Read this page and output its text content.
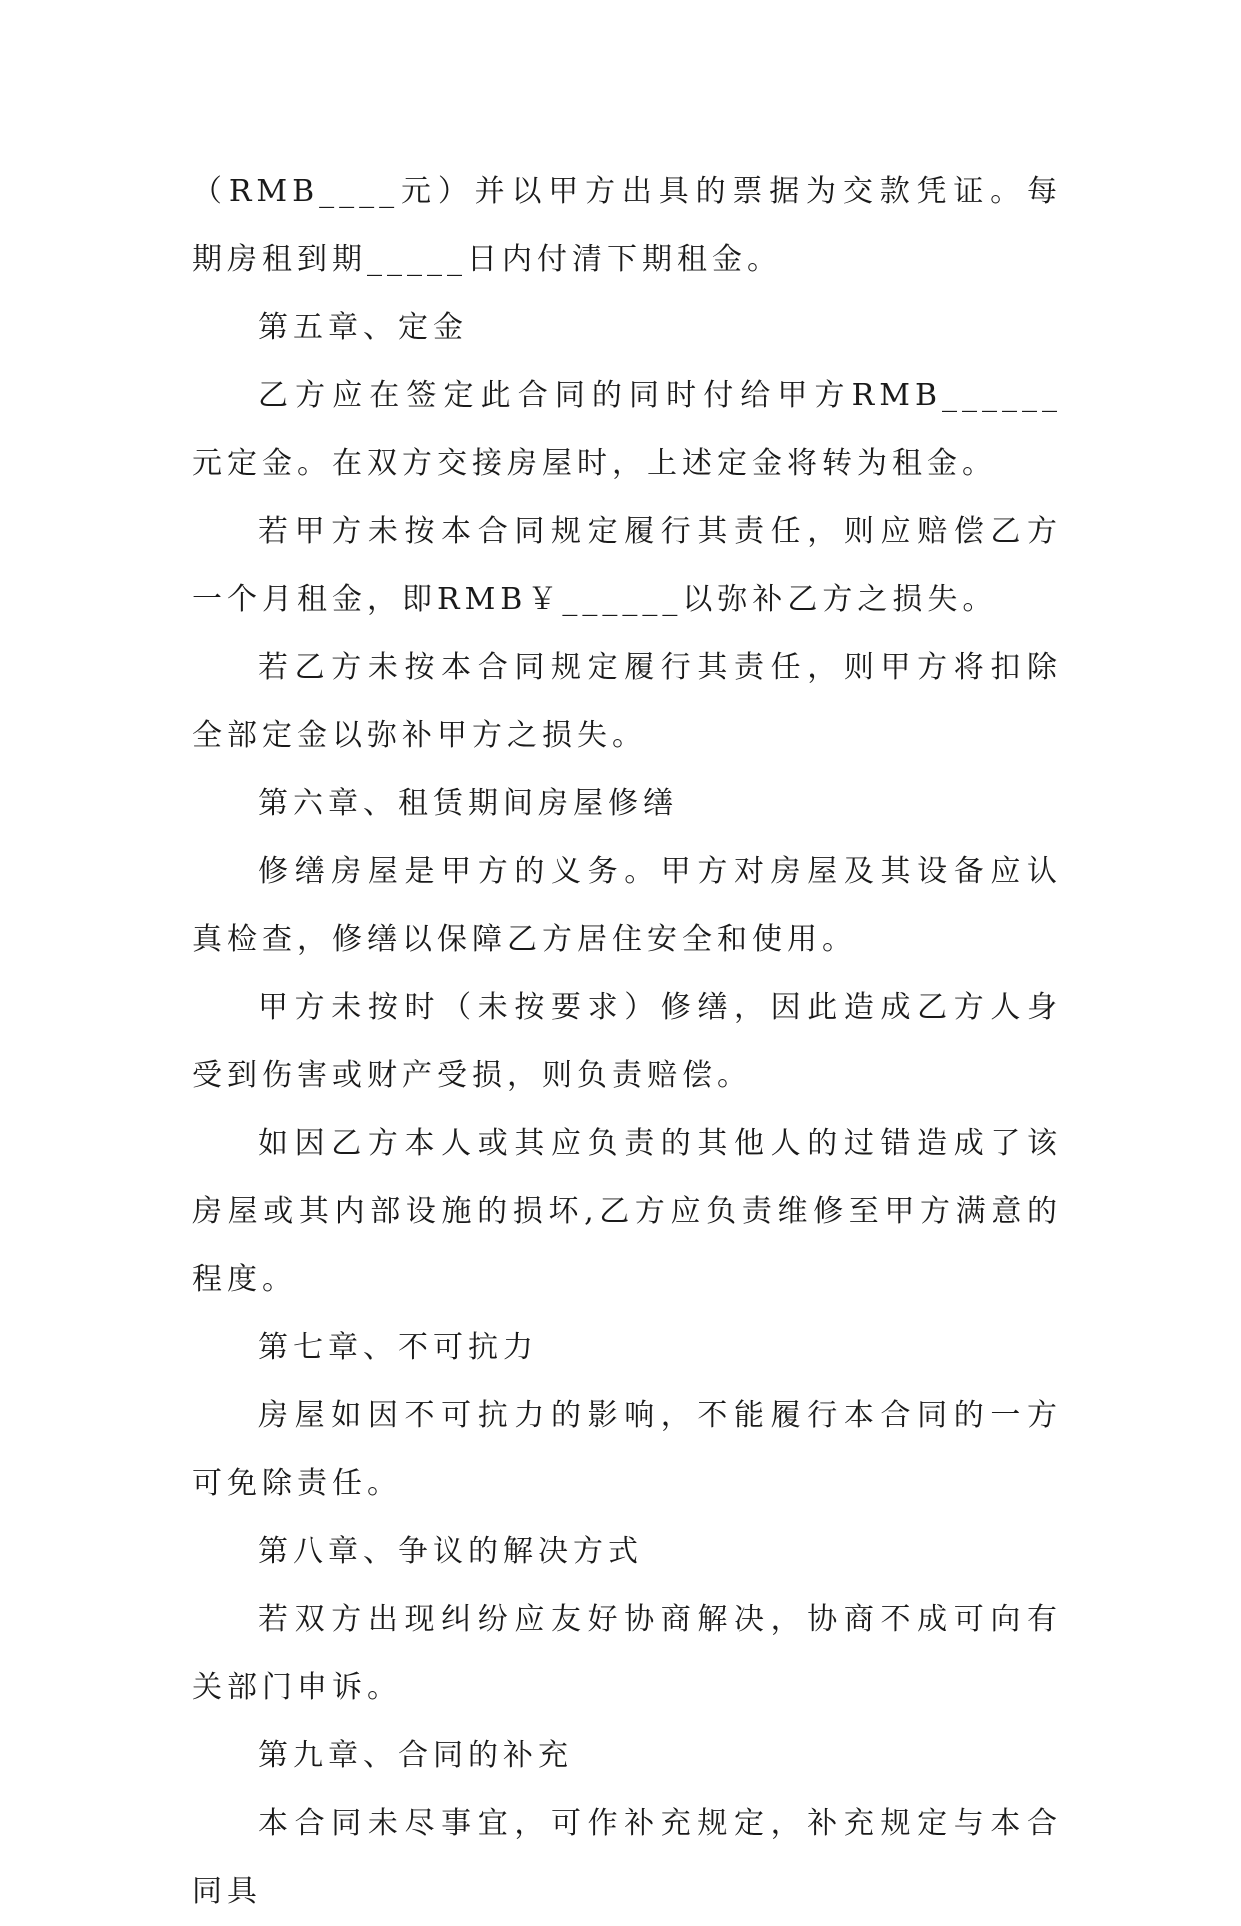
（RMB____元）并以甲方出具的票据为交款凭证。每期房租到期_____日内付清下期租金。

第五章、定金

乙方应在签定此合同的同时付给甲方RMB______元定金。在双方交接房屋时，上述定金将转为租金。

若甲方未按本合同规定履行其责任，则应赔偿乙方一个月租金，即RMB￥______以弥补乙方之损失。

若乙方未按本合同规定履行其责任，则甲方将扣除全部定金以弥补甲方之损失。

第六章、租赁期间房屋修缮

修缮房屋是甲方的义务。甲方对房屋及其设备应认真检查，修缮以保障乙方居住安全和使用。

甲方未按时（未按要求）修缮，因此造成乙方人身受到伤害或财产受损，则负责赔偿。

如因乙方本人或其应负责的其他人的过错造成了该房屋或其内部设施的损坏,乙方应负责维修至甲方满意的程度。

第七章、不可抗力

房屋如因不可抗力的影响，不能履行本合同的一方可免除责任。

第八章、争议的解决方式

若双方出现纠纷应友好协商解决，协商不成可向有关部门申诉。

第九章、合同的补充

本合同未尽事宜，可作补充规定，补充规定与本合同具
